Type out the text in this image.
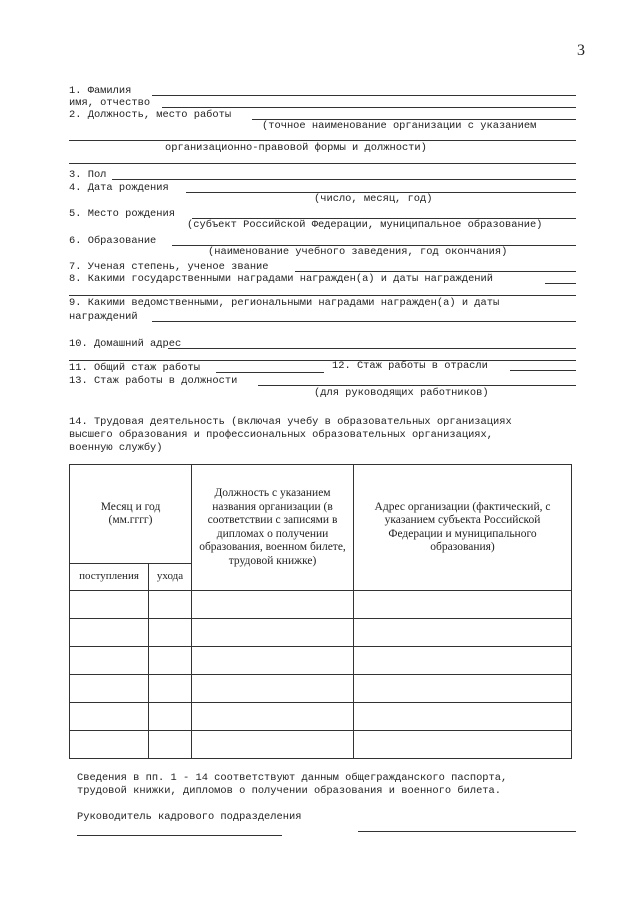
3
1. Фамилия
имя, отчество
2. Должность, место работы
(точное наименование организации с указанием
организационно-правовой формы и должности)
3. Пол
4. Дата рождения
(число, месяц, год)
5. Место рождения
(субъект Российской Федерации, муниципальное образование)
6. Образование
(наименование учебного заведения, год окончания)
7. Ученая степень, ученое звание
8. Какими государственными наградами награжден(а) и даты награждений
9. Какими ведомственными, региональными наградами награжден(а) и даты
награждений
10. Домашний адрес
11. Общий стаж работы	12. Стаж работы в отрасли
13. Стаж работы в должности
(для руководящих работников)
14. Трудовая деятельность (включая учебу в образовательных организациях
высшего образования и профессиональных образовательных организациях,
военную службу)
Месяц и год (мм.гггг)		Должность с указанием названия организации (в соответствии с записями в дипломах о получении образования, военном билете, трудовой книжке)	Адрес организации (фактический, с указанием субъекта Российской Федерации и муниципального образования)
поступления	ухода		

Сведения в пп. 1 - 14 соответствуют данным общегражданского паспорта,
трудовой книжки, дипломов о получении образования и военного билета.
Руководитель кадрового подразделения
